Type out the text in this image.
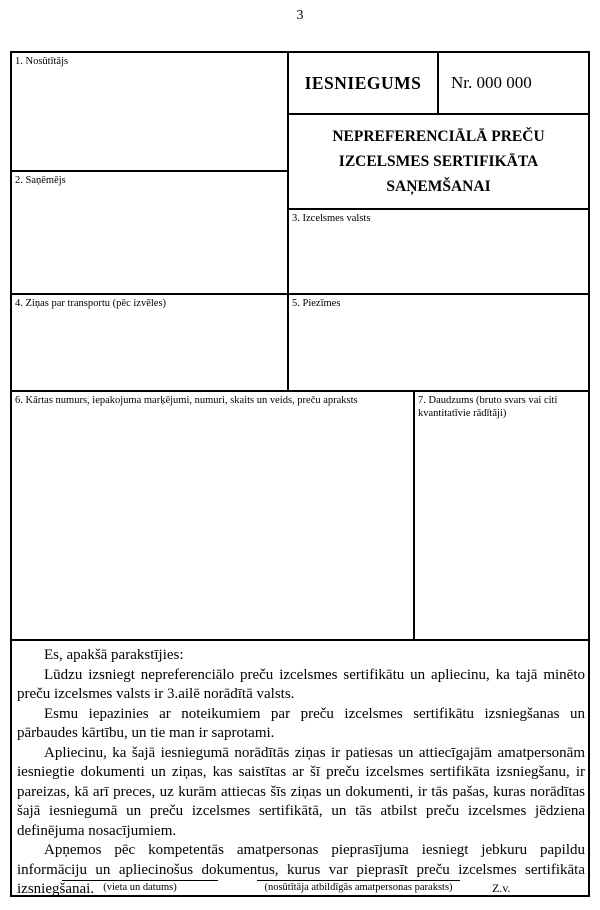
3
1. Nosūtītājs
2. Saņēmējs
IESNIEGUMS Nr. 000 000
NEPREFERENCIĀLĀ PREČU IZCELSMES SERTIFIKĀTA SAŅEMŠANAI
3. Izcelsmes valsts
4. Ziņas par transportu (pēc izvēles)	5. Piezīmes
6. Kārtas numurs, iepakojuma marķējumi, numuri, skaits un veids, preču apraksts	7. Daudzums (bruto svars vai citi kvantitatīvie rādītāji)

Es, apakšā parakstījies:

Lūdzu izsniegt nepreferenciālo preču izcelsmes sertifikātu un apliecinu, ka tajā minēto preču izcelsmes valsts ir 3.ailē norādītā valsts.

Esmu iepazinies ar noteikumiem par preču izcelsmes sertifikātu izsniegšanas un pārbaudes kārtību, un tie man ir saprotami.

Apliecinu, ka šajā iesniegumā norādītās ziņas ir patiesas un attiecīgajām amatpersonām iesniegtie dokumenti un ziņas, kas saistītas ar šī preču izcelsmes sertifikāta izsniegšanu, ir pareizas, kā arī preces, uz kurām attiecas šīs ziņas un dokumenti, ir tās pašas, kuras norādītas šajā iesniegumā un preču izcelsmes sertifikātā, un tās atbilst preču izcelsmes jēdziena definējuma nosacījumiem.

Apņemos pēc kompetentās amatpersonas pieprasījuma iesniegt jebkuru papildu informāciju un apliecinošus dokumentus, kurus var pieprasīt preču izcelsmes sertifikāta izsniegšanai. (vieta un datums)	(nosūtītāja atbildīgās amatpersonas paraksts)	Z.v.
